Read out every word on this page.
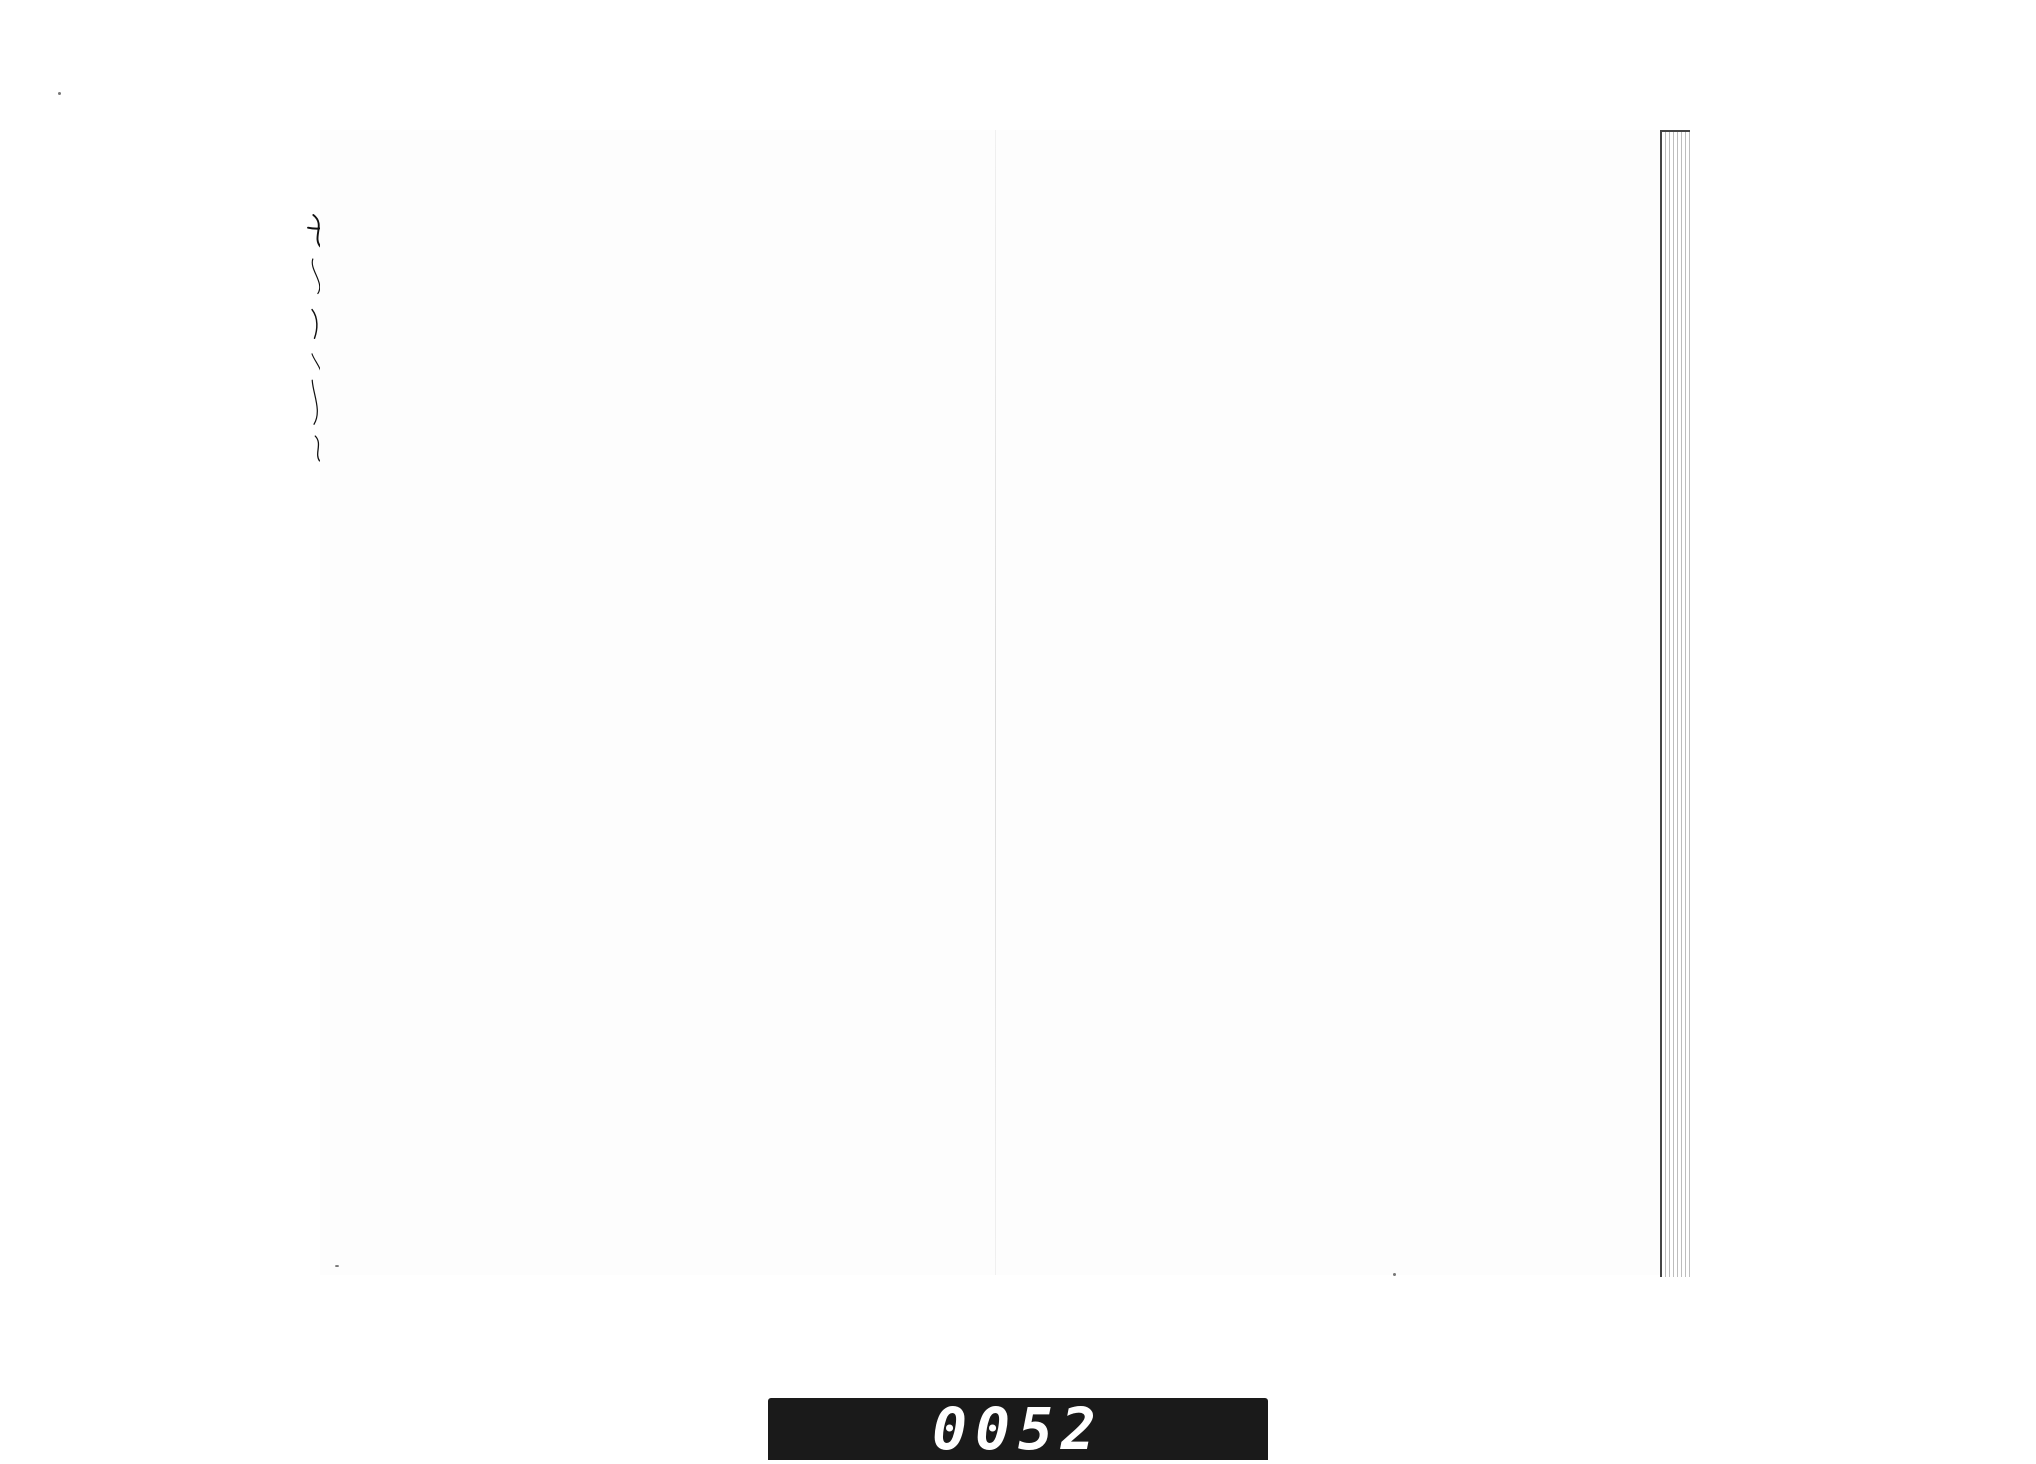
0052
